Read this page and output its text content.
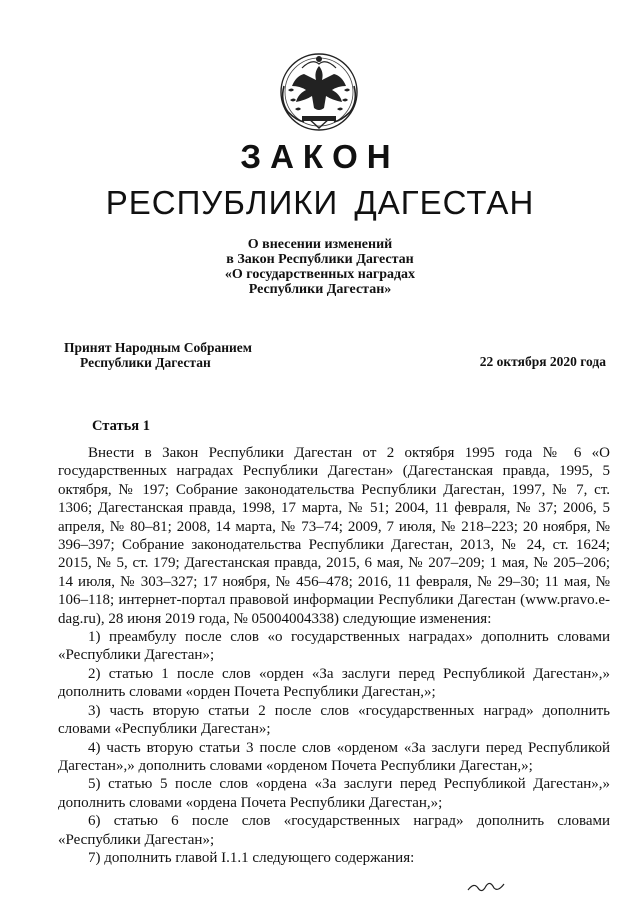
ЗАКОН
РЕСПУБЛИКИ ДАГЕСТАН
О внесении изменений
в Закон Республики Дагестан
«О государственных наградах
Республики Дагестан»
Принят Народным Собранием
Республики Дагестан	22 октября 2020 года
Статья 1

Внести в Закон Республики Дагестан от 2 октября 1995 года № 6 «О государственных наградах Республики Дагестан» (Дагестанская правда, 1995, 5 октября, № 197; Собрание законодательства Республики Дагестан, 1997, № 7, ст. 1306; Дагестанская правда, 1998, 17 марта, № 51; 2004, 11 февраля, № 37; 2006, 5 апреля, № 80–81; 2008, 14 марта, № 73–74; 2009, 7 июля, № 218–223; 20 ноября, № 396–397; Собрание законодательства Республики Дагестан, 2013, № 24, ст. 1624; 2015, № 5, ст. 179; Дагестанская правда, 2015, 6 мая, № 207–209; 1 мая, № 205–206; 14 июля, № 303–327; 17 ноября, № 456–478; 2016, 11 февраля, № 29–30; 11 мая, № 106–118; интернет-портал правовой информации Республики Дагестан (www.pravo.e-dag.ru), 28 июня 2019 года, № 05004004338) следующие изменения:

1) преамбулу после слов «о государственных наградах» дополнить словами «Республики Дагестан»;

2) статью 1 после слов «орден «За заслуги перед Республикой Дагестан»,» дополнить словами «орден Почета Республики Дагестан,»;

3) часть вторую статьи 2 после слов «государственных наград» дополнить словами «Республики Дагестан»;

4) часть вторую статьи 3 после слов «орденом «За заслуги перед Республикой Дагестан»,» дополнить словами «орденом Почета Республики Дагестан,»;

5) статью 5 после слов «ордена «За заслуги перед Республикой Дагестан»,» дополнить словами «ордена Почета Республики Дагестан,»;

6) статью 6 после слов «государственных наград» дополнить словами «Республики Дагестан»;

7) дополнить главой I.1.1 следующего содержания:
